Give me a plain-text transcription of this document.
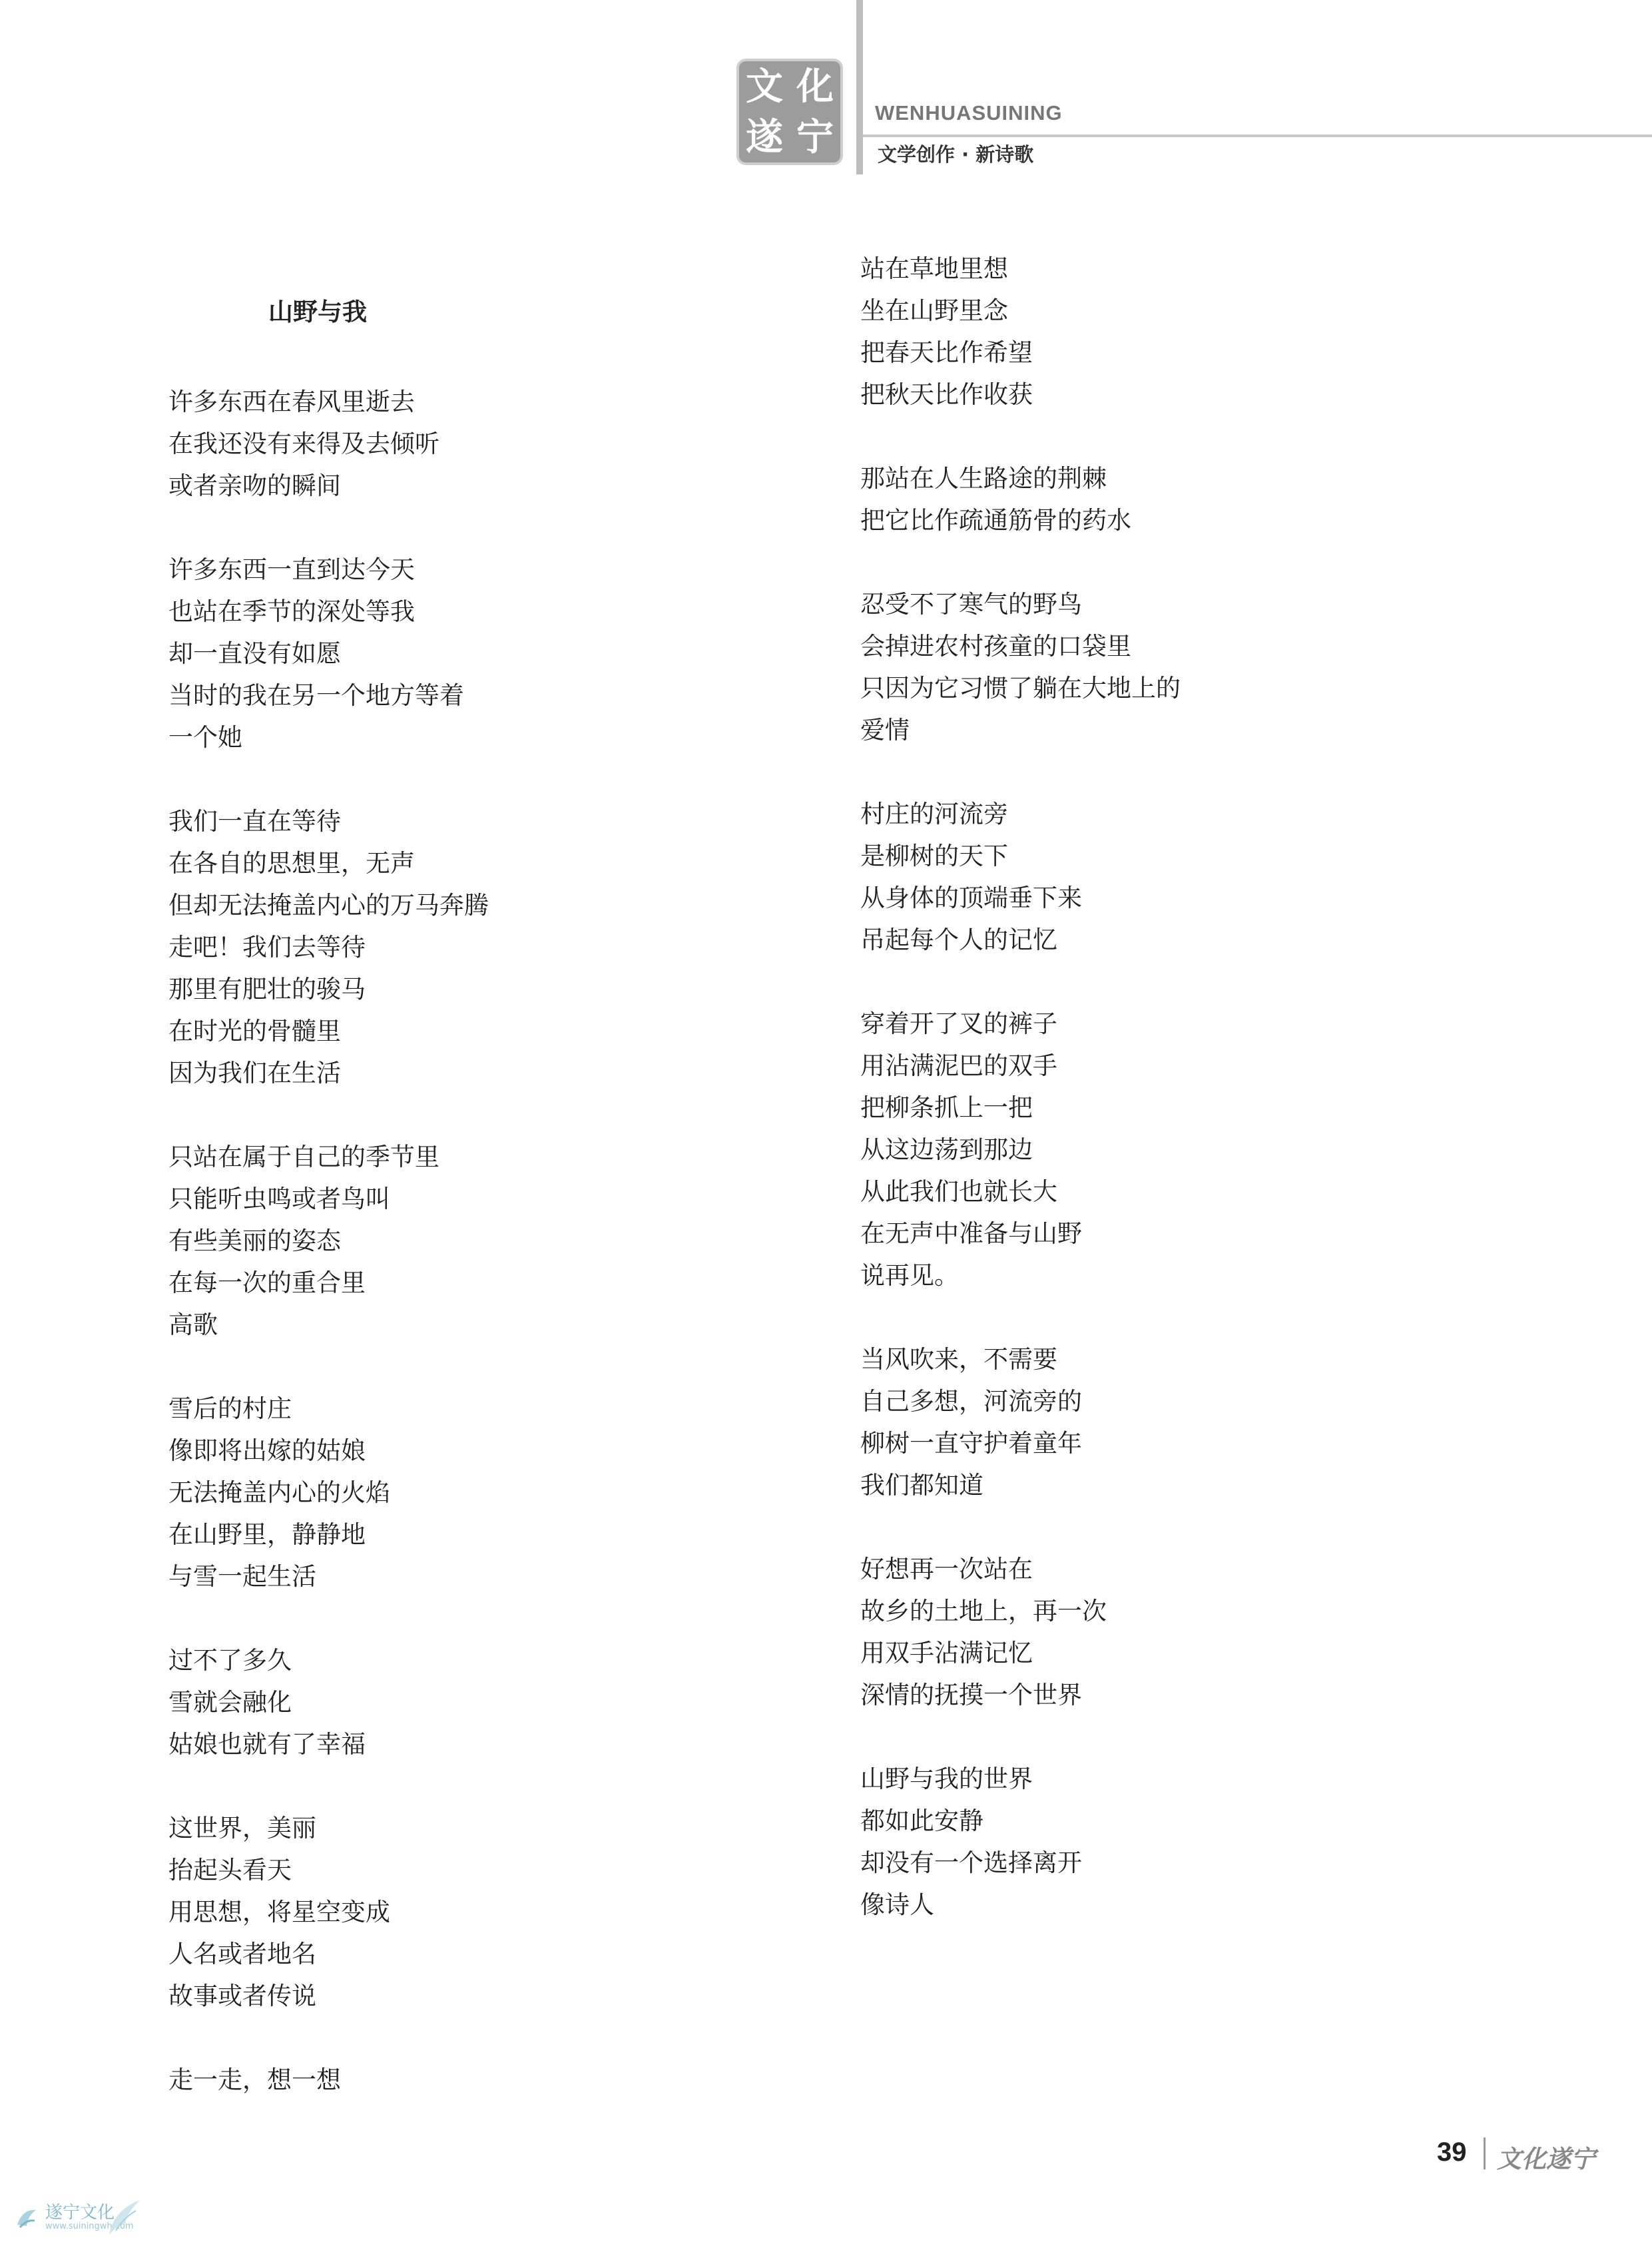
文 化
遂 宁
WENHUASUINING
文学创作 · 新诗歌
山野与我
许多东西在春风里逝去
在我还没有来得及去倾听
或者亲吻的瞬间
许多东西一直到达今天
也站在季节的深处等我
却一直没有如愿
当时的我在另一个地方等着
一个她
我们一直在等待
在各自的思想里，无声
但却无法掩盖内心的万马奔腾
走吧！我们去等待
那里有肥壮的骏马
在时光的骨髓里
因为我们在生活
只站在属于自己的季节里
只能听虫鸣或者鸟叫
有些美丽的姿态
在每一次的重合里
高歌
雪后的村庄
像即将出嫁的姑娘
无法掩盖内心的火焰
在山野里，静静地
与雪一起生活
过不了多久
雪就会融化
姑娘也就有了幸福
这世界，美丽
抬起头看天
用思想，将星空变成
人名或者地名
故事或者传说
走一走，想一想
站在草地里想
坐在山野里念
把春天比作希望
把秋天比作收获
那站在人生路途的荆棘
把它比作疏通筋骨的药水
忍受不了寒气的野鸟
会掉进农村孩童的口袋里
只因为它习惯了躺在大地上的
爱情
村庄的河流旁
是柳树的天下
从身体的顶端垂下来
吊起每个人的记忆
穿着开了叉的裤子
用沾满泥巴的双手
把柳条抓上一把
从这边荡到那边
从此我们也就长大
在无声中准备与山野
说再见。
当风吹来，不需要
自己多想，河流旁的
柳树一直守护着童年
我们都知道
好想再一次站在
故乡的土地上，再一次
用双手沾满记忆
深情的抚摸一个世界
山野与我的世界
都如此安静
却没有一个选择离开
像诗人
39 文化遂宁
遂宁文化
www.suiningwh.com
